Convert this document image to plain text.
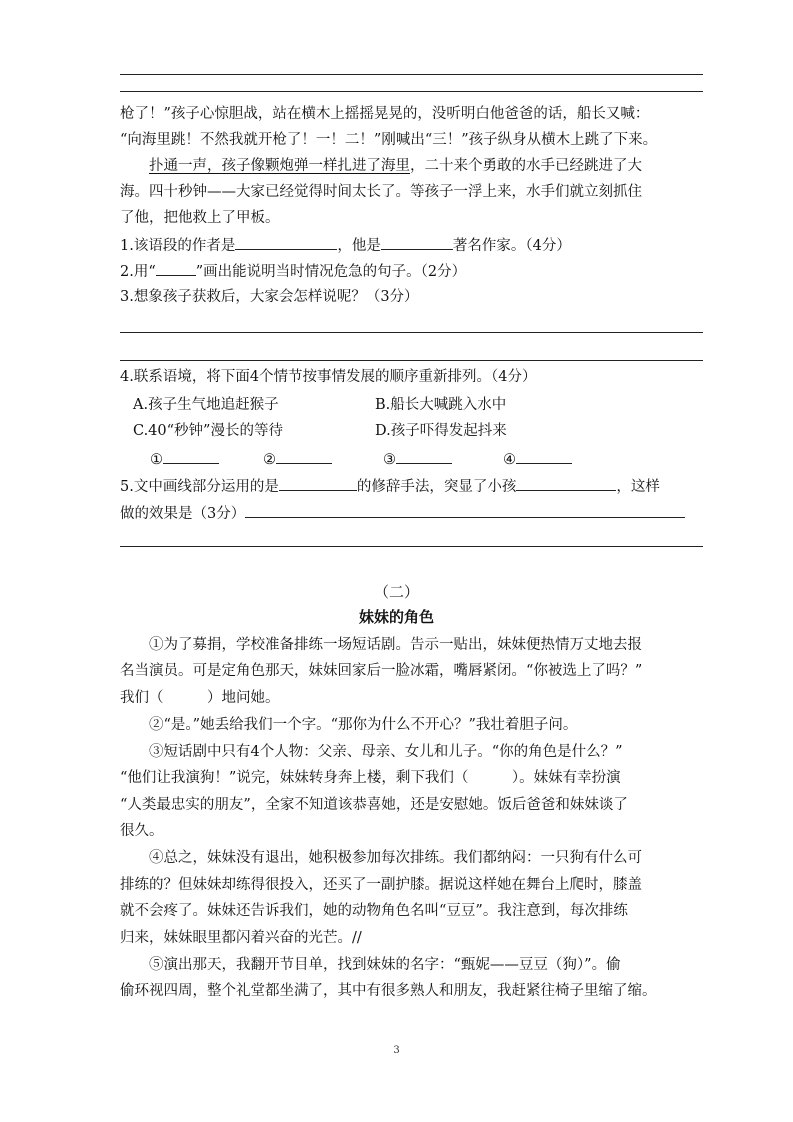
枪了！”孩子心惊胆战，站在横木上摇摇晃晃的，没听明白他爸爸的话，船长又喊：
“向海里跳！不然我就开枪了！一！二！”刚喊出“三！”孩子纵身从横木上跳了下来。
扑通一声，孩子像颗炮弹一样扎进了海里，二十来个勇敢的水手已经跳进了大
海。四十秒钟——大家已经觉得时间太长了。等孩子一浮上来，水手们就立刻抓住
了他，把他救上了甲板。
1.该语段的作者是	，他是	著名作家。（4分）
2.用“	”画出能说明当时情况危急的句子。（2分）
3.想象孩子获救后，大家会怎样说呢？（3分）
4.联系语境，将下面4个情节按事情发展的顺序重新排列。（4分）
A.孩子生气地追赶猴子	B.船长大喊跳入水中
C.40“秒钟”漫长的等待	D.孩子吓得发起抖来
①	②	③	④
5.文中画线部分运用的是	的修辞手法，突显了小孩	，这样
做的效果是（3分）
（二）
妹妹的角色
①为了募捐，学校准备排练一场短话剧。告示一贴出，妹妹便热情万丈地去报
名当演员。可是定角色那天，妹妹回家后一脸冰霜，嘴唇紧闭。“你被选上了吗？”
我们（　　　）地问她。
②“是。”她丢给我们一个字。“那你为什么不开心？”我壮着胆子问。
③短话剧中只有4个人物：父亲、母亲、女儿和儿子。“你的角色是什么？”
“他们让我演狗！”说完，妹妹转身奔上楼，剩下我们（　　　）。妹妹有幸扮演
“人类最忠实的朋友”，全家不知道该恭喜她，还是安慰她。饭后爸爸和妹妹谈了
很久。
④总之，妹妹没有退出，她积极参加每次排练。我们都纳闷：一只狗有什么可
排练的？但妹妹却练得很投入，还买了一副护膝。据说这样她在舞台上爬时，膝盖
就不会疼了。妹妹还告诉我们，她的动物角色名叫“豆豆”。我注意到，每次排练
归来，妹妹眼里都闪着兴奋的光芒。//
⑤演出那天，我翻开节目单，找到妹妹的名字：“甄妮——豆豆（狗）”。偷
偷环视四周，整个礼堂都坐满了，其中有很多熟人和朋友，我赶紧往椅子里缩了缩。
3
